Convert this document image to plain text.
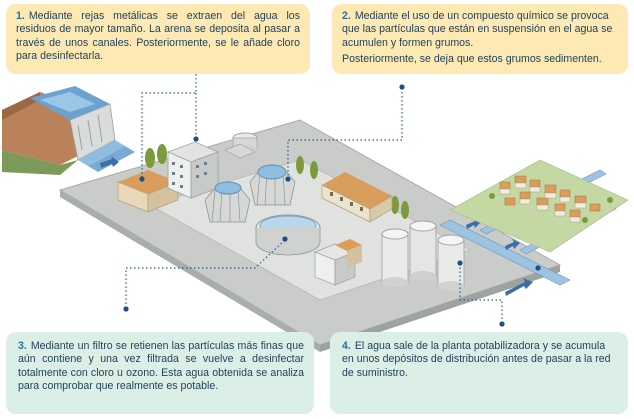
1. Mediante rejas metálicas se extraen del agua los residuos de mayor tamaño. La arena se deposita al pasar a través de unos canales. Posteriormente, se le añade cloro para desinfectarla.

2. Mediante el uso de un compuesto químico se provoca que las partículas que están en suspensión en el agua se acumulen y formen grumos.

Posteriormente, se deja que estos grumos sedimenten.

3. Mediante un filtro se retienen las partículas más finas que aún contiene y una vez filtrada se vuelve a desinfectar totalmente con cloro u ozono. Esta agua obtenida se analiza para comprobar que realmente es potable.

4. El agua sale de la planta potabilizadora y se acumula en unos depósitos de distribución antes de pasar a la red de suministro.
